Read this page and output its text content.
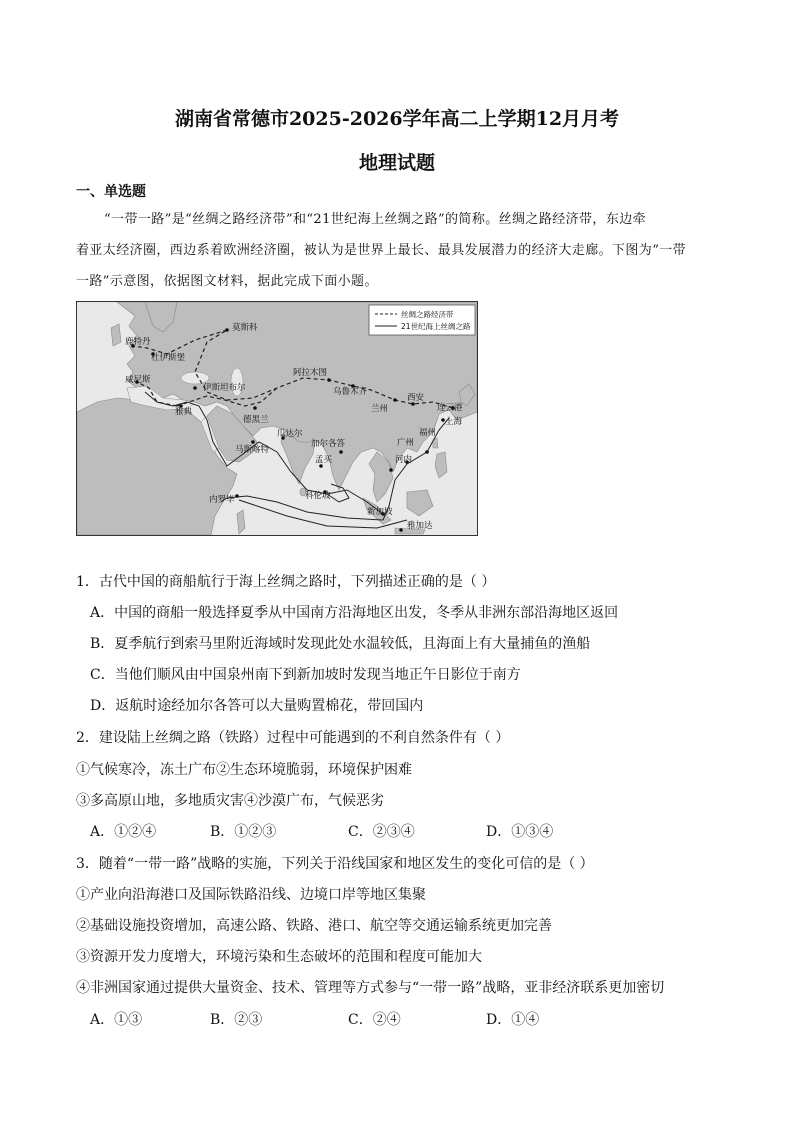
湖南省常德市2025-2026学年高二上学期12月月考
地理试题
一、单选题
“一带一路”是“丝绸之路经济带”和“21世纪海上丝绸之路”的简称。丝绸之路经济带，东边牵
着亚太经济圈，西边系着欧洲经济圈，被认为是世界上最长、最具发展潜力的经济大走廊。下图为“一带
一路”示意图，依据图文材料，据此完成下面小题。
丝绸之路经济带
21世纪海上丝绸之路
莫斯科
鹿特丹
杜伊斯堡
威尼斯
伊斯坦布尔
雅典
德黑兰
阿拉木图
乌鲁木齐
兰州
西安
连云港
上海
福州
广州
河内
瓜达尔
马斯喀特
加尔各答
孟买
科伦坡
新加坡
雅加达
内罗毕
1．古代中国的商船航行于海上丝绸之路时，下列描述正确的是（ ）
A．中国的商船一般选择夏季从中国南方沿海地区出发，冬季从非洲东部沿海地区返回
B．夏季航行到索马里附近海域时发现此处水温较低，且海面上有大量捕鱼的渔船
C．当他们顺风由中国泉州南下到新加坡时发现当地正午日影位于南方
D．返航时途经加尔各答可以大量购置棉花，带回国内
2．建设陆上丝绸之路（铁路）过程中可能遇到的不利自然条件有（ ）
①气候寒冷，冻土广布②生态环境脆弱，环境保护困难
③多高原山地，多地质灾害④沙漠广布，气候恶劣
A．①②④	B．①②③	C．②③④	D．①③④
3．随着“一带一路”战略的实施，下列关于沿线国家和地区发生的变化可信的是（ ）
①产业向沿海港口及国际铁路沿线、边境口岸等地区集聚
②基础设施投资增加，高速公路、铁路、港口、航空等交通运输系统更加完善
③资源开发力度增大，环境污染和生态破坏的范围和程度可能加大
④非洲国家通过提供大量资金、技术、管理等方式参与“一带一路”战略，亚非经济联系更加密切
A．①③	B．②③	C．②④	D．①④
